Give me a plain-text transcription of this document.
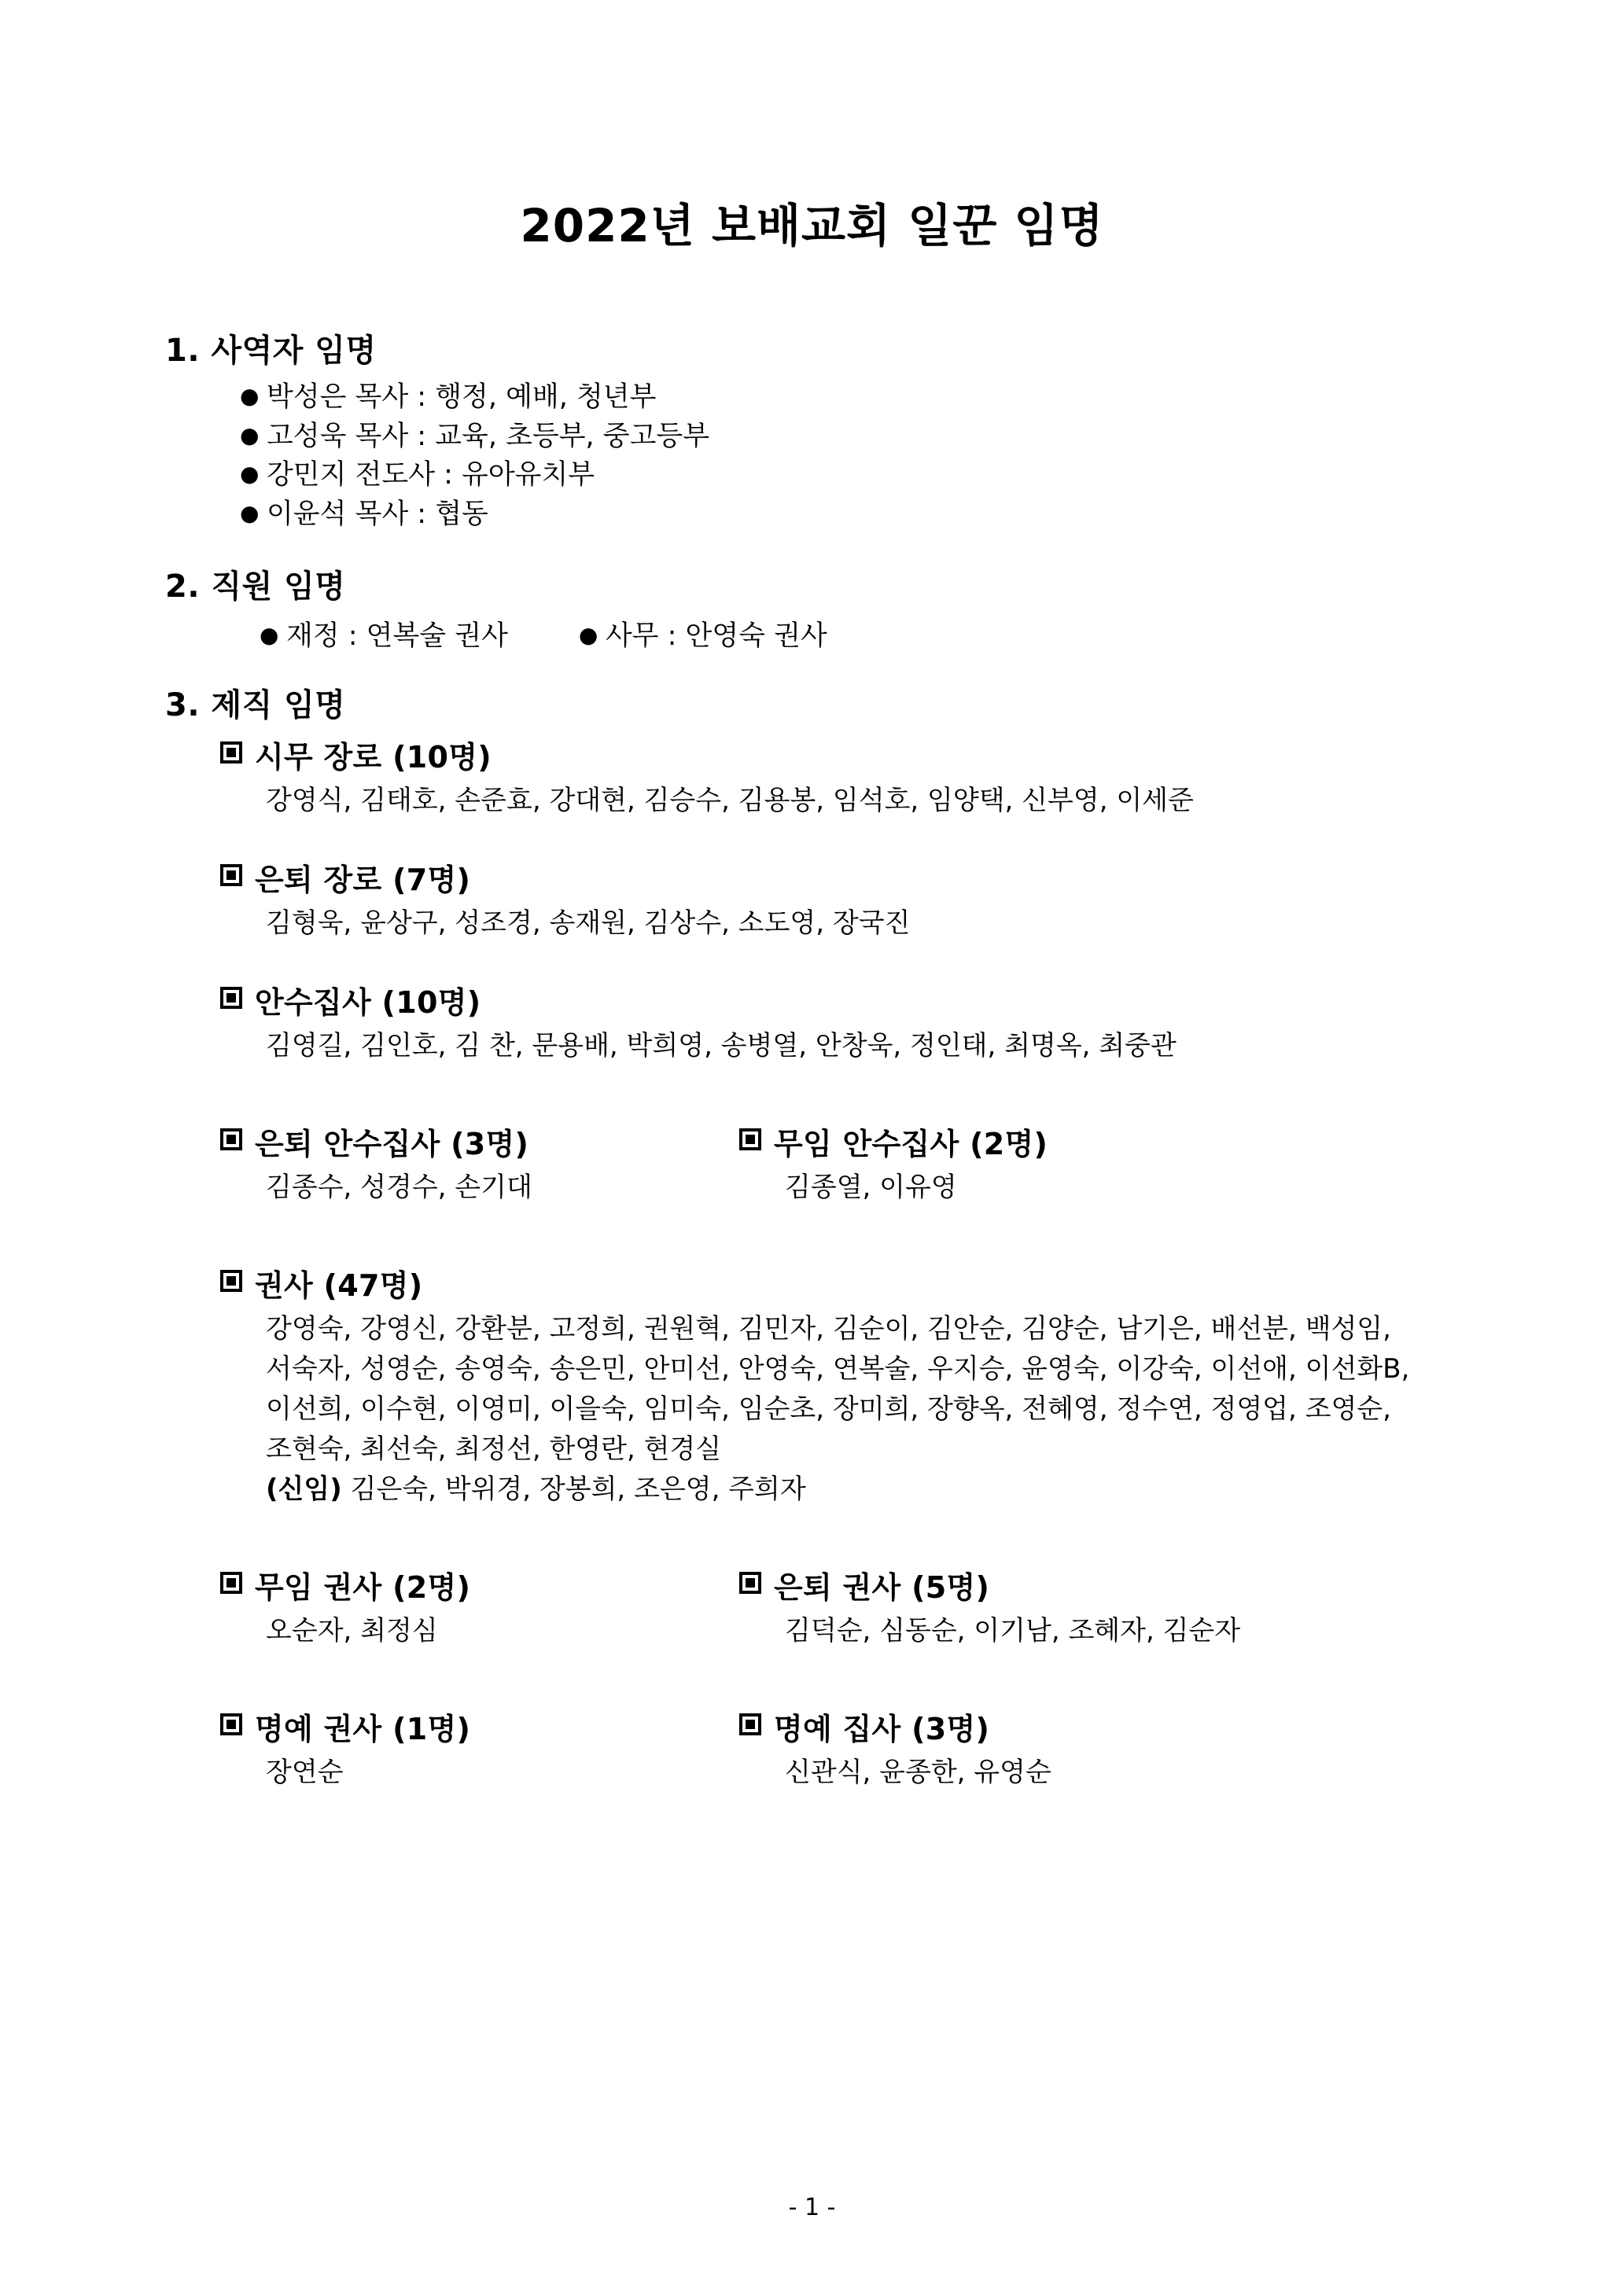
2022년 보배교회 일꾼 임명
1. 사역자 임명
● 박성은 목사 : 행정, 예배, 청년부
● 고성욱 목사 : 교육, 초등부, 중고등부
● 강민지 전도사 : 유아유치부
● 이윤석 목사 : 협동
2. 직원 임명
● 재정 : 연복술 권사	● 사무 : 안영숙 권사
3. 제직 임명
시무 장로 (10명)
강영식, 김태호, 손준효, 강대현, 김승수, 김용봉, 임석호, 임양택, 신부영, 이세준
은퇴 장로 (7명)
김형욱, 윤상구, 성조경, 송재원, 김상수, 소도영, 장국진
안수집사 (10명)
김영길, 김인호, 김 찬, 문용배, 박희영, 송병열, 안창욱, 정인태, 최명옥, 최중관
은퇴 안수집사 (3명)
김종수, 성경수, 손기대
무임 안수집사 (2명)
김종열, 이유영
권사 (47명)
강영숙, 강영신, 강환분, 고정희, 권원혁, 김민자, 김순이, 김안순, 김양순, 남기은, 배선분, 백성임, 서숙자, 성영순, 송영숙, 송은민, 안미선, 안영숙, 연복술, 우지승, 윤영숙, 이강숙, 이선애, 이선화B, 이선희, 이수현, 이영미, 이을숙, 임미숙, 임순초, 장미희, 장향옥, 전혜영, 정수연, 정영업, 조영순, 조현숙, 최선숙, 최정선, 한영란, 현경실
(신임) 김은숙, 박위경, 장봉희, 조은영, 주희자
무임 권사 (2명)
오순자, 최정심
은퇴 권사 (5명)
김덕순, 심동순, 이기남, 조혜자, 김순자
명예 권사 (1명)
장연순
명예 집사 (3명)
신관식, 윤종한, 유영순
- 1 -
